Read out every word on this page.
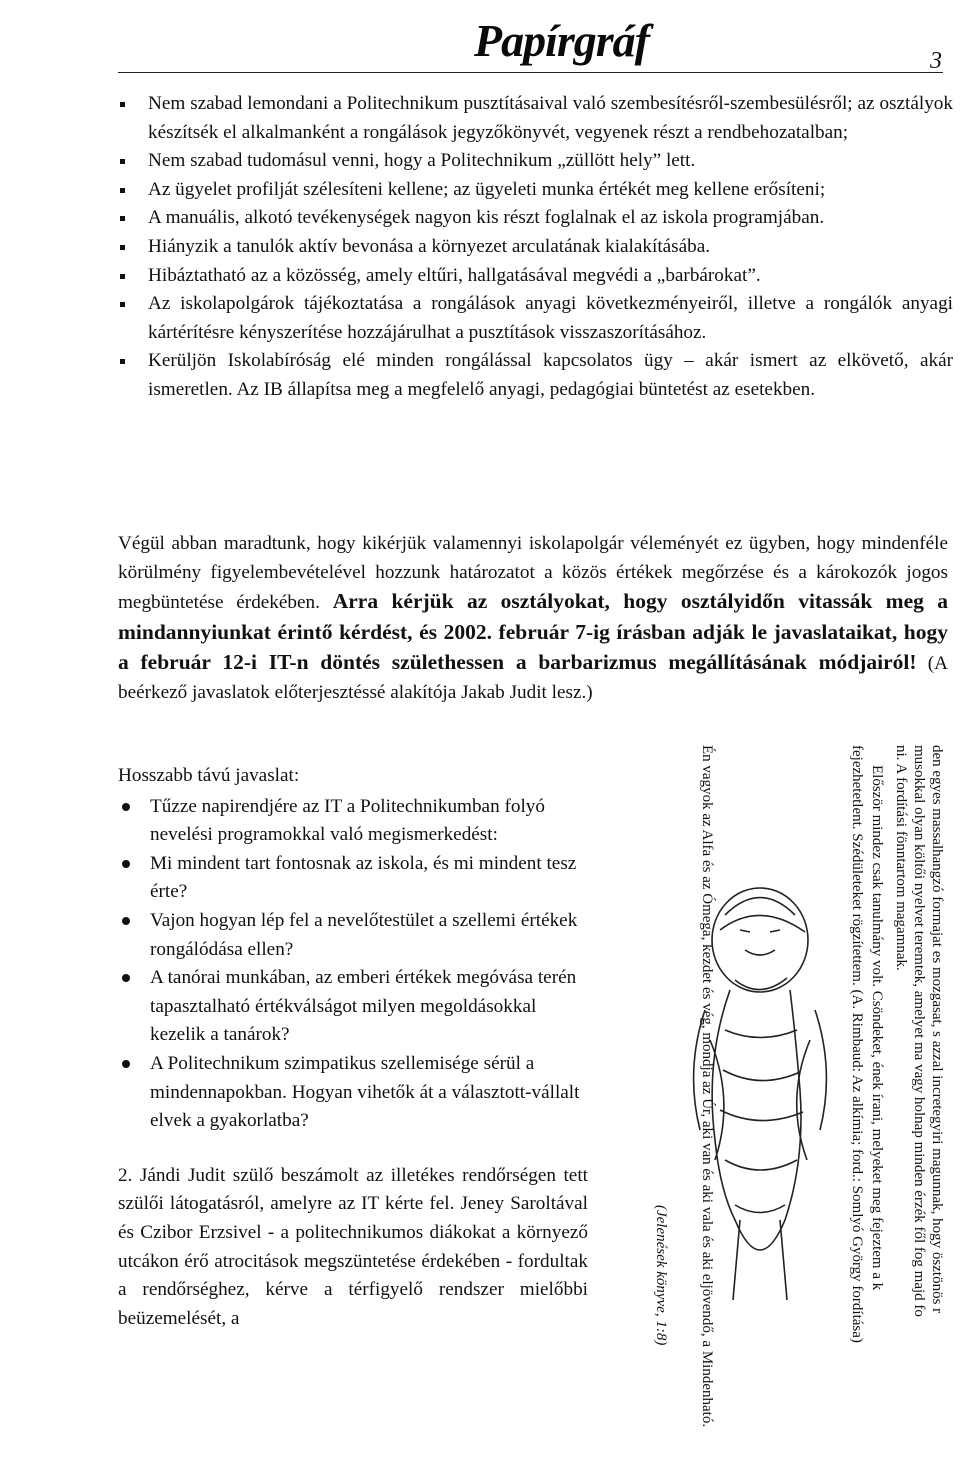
Papírgráf	3
Nem szabad lemondani a Politechnikum pusztításaival való szembesítésről-szembesülésről; az osztályok készítsék el alkalmanként a rongálások jegyzőkönyvét, vegyenek részt a rendbehozatalban;
Nem szabad tudomásul venni, hogy a Politechnikum „züllött hely” lett.
Az ügyelet profilját szélesíteni kellene; az ügyeleti munka értékét meg kellene erősíteni;
A manuális, alkotó tevékenységek nagyon kis részt foglalnak el az iskola programjában.
Hiányzik a tanulók aktív bevonása a környezet arculatának kialakításába.
Hibáztatható az a közösség, amely eltűri, hallgatásával megvédi a „barbárokat”.
Az iskolapolgárok tájékoztatása a rongálások anyagi következményeiről, illetve a rongálók anyagi kártérítésre kényszerítése hozzájárulhat a pusztítások visszaszorításához.
Kerüljön Iskolabíróság elé minden rongálással kapcsolatos ügy – akár ismert az elkövető, akár ismeretlen. Az IB állapítsa meg a megfelelő anyagi, pedagógiai büntetést az esetekben.

Végül abban maradtunk, hogy kikérjük valamennyi iskolapolgár véleményét ez ügyben, hogy mindenféle körülmény figyelembevételével hozzunk határozatot a közös értékek megőrzése és a károkozók jogos megbüntetése érdekében. Arra kérjük az osztályokat, hogy osztályidőn vitassák meg a mindannyiunkat érintő kérdést, és 2002. február 7-ig írásban adják le javaslataikat, hogy a február 12-i IT-n döntés születhessen a barbarizmus megállításának módjairól! (A beérkező javaslatok előterjesztéssé alakítója Jakab Judit lesz.)

Hosszabb távú javaslat:

Tűzze napirendjére az IT a Politechnikumban folyó nevelési programokkal való megismerkedést:
Mi mindent tart fontosnak az iskola, és mi mindent tesz érte?
Vajon hogyan lép fel a nevelőtestület a szellemi értékek rongálódása ellen?
A tanórai munkában, az emberi értékek megóvása terén tapasztalható értékválságot milyen megoldásokkal kezelik a tanárok?
A Politechnikum szimpatikus szellemisége sérül a mindennapokban. Hogyan vihetők át a választott-vállalt elvek a gyakorlatba?

2. Jándi Judit szülő beszámolt az illetékes rendőrségen tett szülői látogatásról, amelyre az IT kérte fel. Jeney Saroltával és Czibor Erzsivel - a politechnikumos diákokat a környező utcákon érő atrocitások megszüntetése érdekében - fordultak a rendőrséghez, kérve a térfigyelő rendszer mielőbbi beüzemelését, a

den egyes massalhangzó formajat es mozgasat, s azzal incretegyiri magunnak, hogy ösztönös r
musokkal olyan költői nyelvet teremtek, amelyet ma vagy holnap minden érzék fől fog majd fo
ni. A fordítási fönntartom magamnak.
Először mindez csak tanulmány volt. Csöndeket, ének írani, melyeket meg fejeztem a k
fejezhetetlent. Szédületeket rögzítettem. (A. Rimbaud: Az alkímia; ford.: Somlyó György fordítása)
Én vagyok az Alfa és az Ómega, kezdet és vég, mondja az Úr, aki van és aki vala és aki eljövendő, a Mindenható.
(Jelenések könyve, 1:8)
